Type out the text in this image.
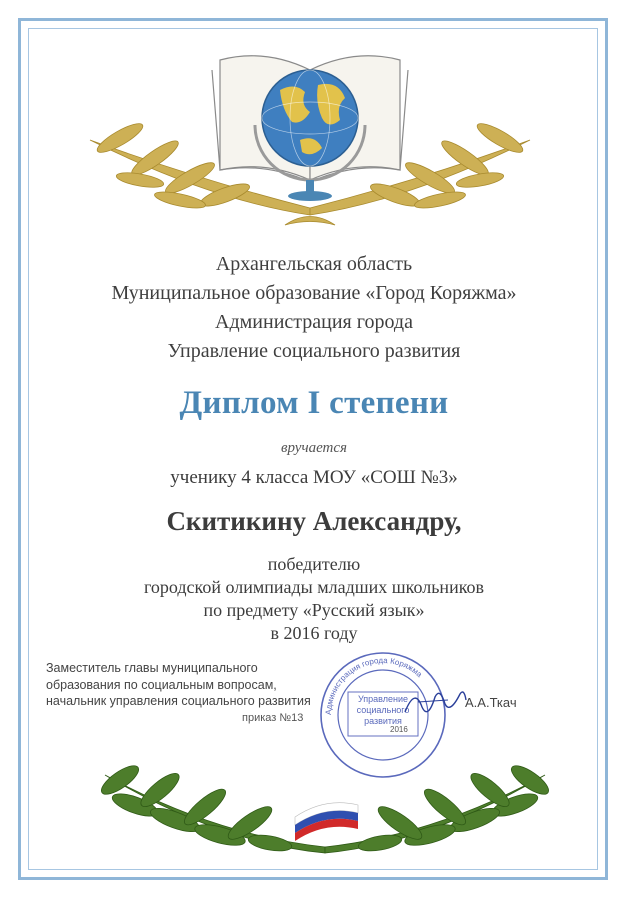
Архангельская область
Муниципальное образование «Город Коряжма»
Администрация города
Управление социального развития
Диплом I степени
вручается
ученику 4 класса МОУ «СОШ №3»
Скитикину Александру,
победителю
городской олимпиады младших школьников
по предмету «Русский язык»
в 2016 году
Заместитель главы муниципального
образования по социальным вопросам,
начальник управления социального развития
приказ №13	Администрация города Коряжма
Управление социального развития
2016
А.А.Ткач
